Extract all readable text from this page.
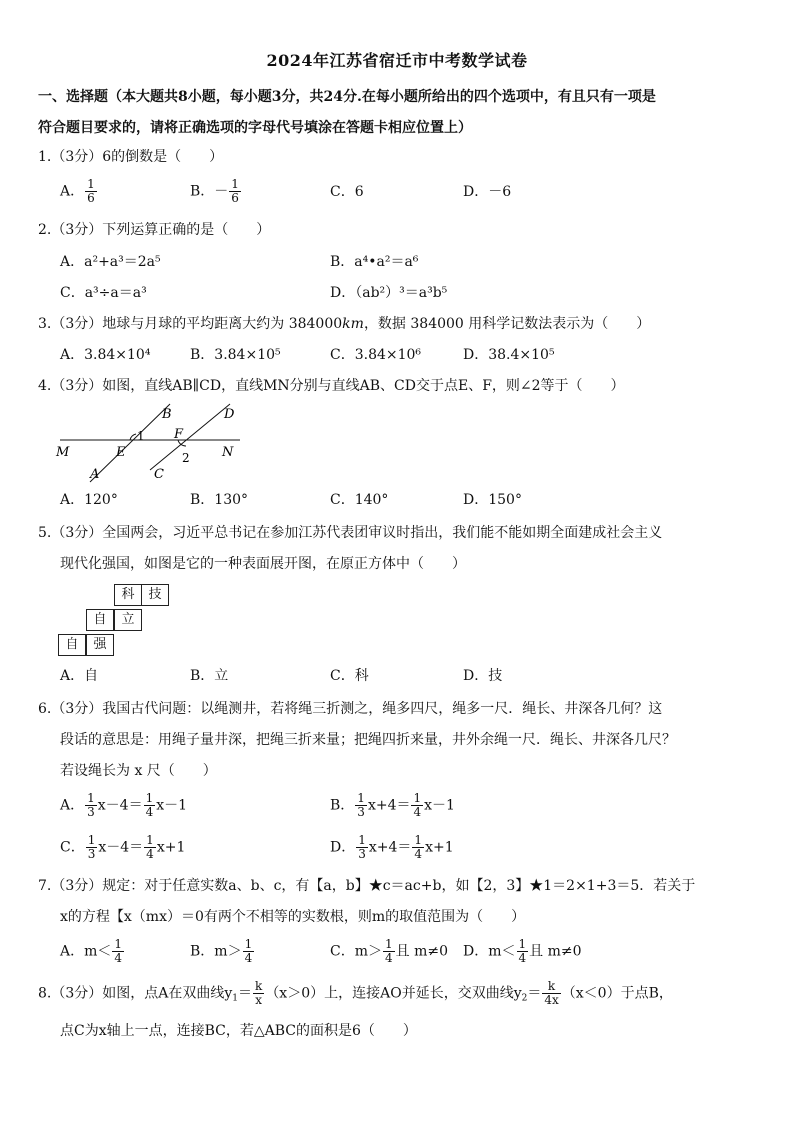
2024年江苏省宿迁市中考数学试卷
一、选择题（本大题共8小题，每小题3分，共24分.在每小题所给出的四个选项中，有且只有一项是
符合题目要求的，请将正确选项的字母代号填涂在答题卡相应位置上）
1.（3分）6的倒数是（　　）
A． $\frac{1}{6}$	B．－ $\frac{1}{6}$	C．6	D．－6
2.（3分）下列运算正确的是（　　）
A．a²+a³＝2a⁵	B．a⁴•a²＝a⁶
C．a³÷a＝a³	D．（ab²）³＝a³b⁵
3.（3分）地球与月球的平均距离大约为 384000km，数据 384000 用科学记数法表示为（　　）
A．3.84×10⁴	B．3.84×10⁵	C．3.84×10⁶	D．38.4×10⁵
4.（3分）如图，直线AB∥CD，直线MN分别与直线AB、CD交于点E、F，则∠2等于（　　）
B	D
1 F
M	E	2 N
A	C
A．120°	B．130°	C．140°	D．150°
5.（3分）全国两会，习近平总书记在参加江苏代表团审议时指出，我们能不能如期全面建成社会主义
现代化强国，如图是它的一种表面展开图，在原正方体中（　　）
科	技
自	立
自	强
A．自	B．立	C．科	D．技
6.（3分）我国古代问题：以绳测井，若将绳三折测之，绳多四尺，绳多一尺．绳长、井深各几何？这
段话的意思是：用绳子量井深，把绳三折来量；把绳四折来量，井外余绳一尺．绳长、井深各几尺？
若设绳长为 x 尺（　　）
A． $\frac{1}{3} x-4= \frac{1}{4} x-1$	B． $\frac{1}{3} x+4= \frac{1}{4} x-1$
C． $\frac{1}{3} x-4= \frac{1}{4} x+1$	D． $\frac{1}{3} x+4= \frac{1}{4} x+1$
7.（3分）规定：对于任意实数a、b、c，有【a，b】★c＝ac+b，如【2，3】★1＝2×1+3＝5．若关于
x的方程【x（mx）＝0有两个不相等的实数根，则m的取值范围为（　　）
A．$m< \frac{1}{4}$	B．$m> \frac{1}{4}$	C．$m> \frac{1}{4}$ 且 m≠0 D．$m< \frac{1}{4}$ 且 m≠0
8.（3分）如图，点A在双曲线$y_1= \frac{k}{x} (x>0)$上，连接AO并延长，交双曲线$y_2= \frac{k}{4x} (x<0)$于点B，
点C为x轴上一点，连接BC，若△ABC的面积是6（　　）
